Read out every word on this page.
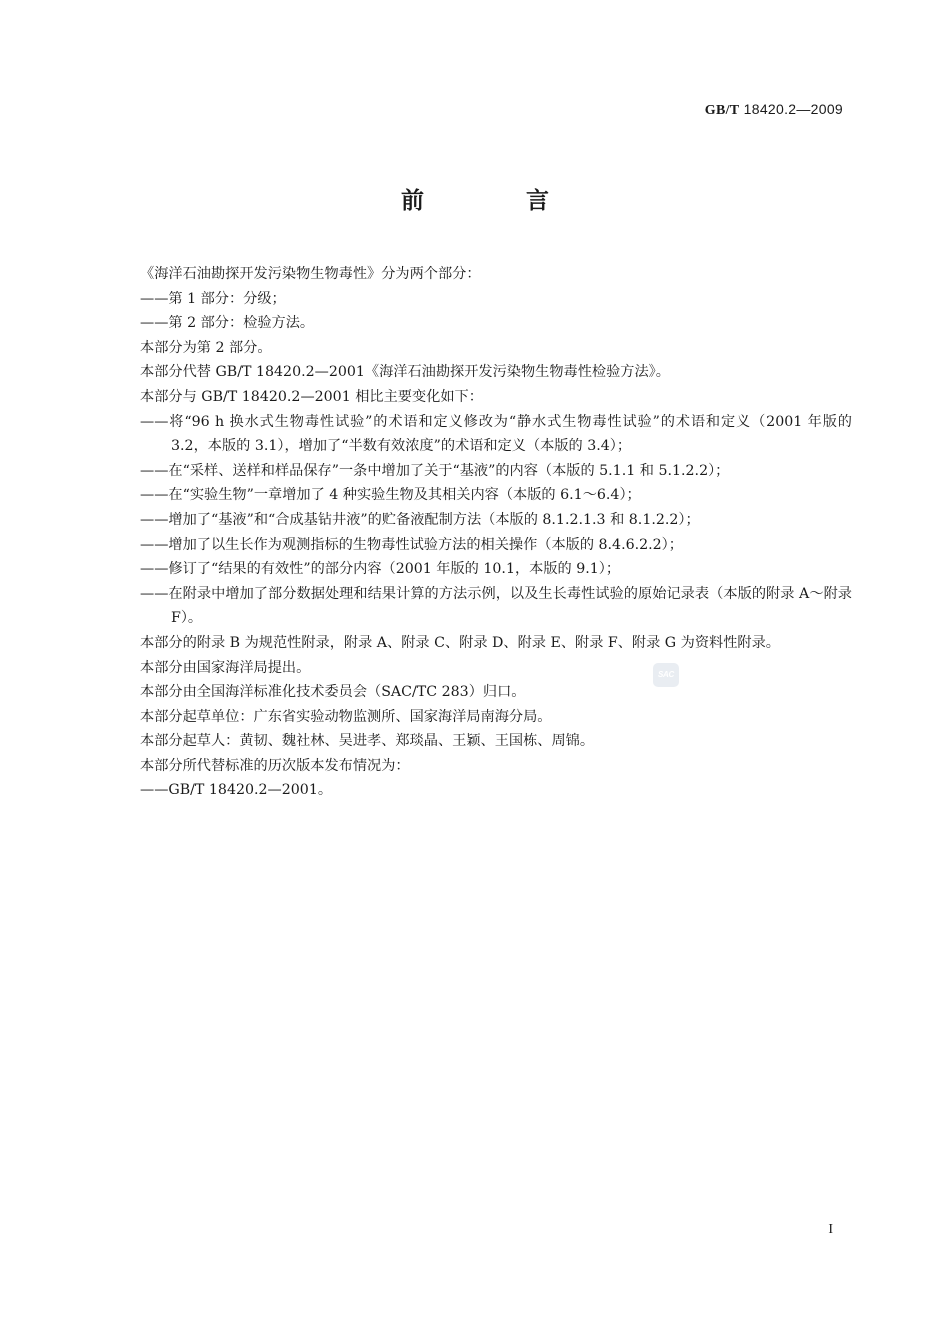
GB/T 18420.2—2009
前 言

《海洋石油勘探开发污染物生物毒性》分为两个部分：

——第 1 部分：分级；

——第 2 部分：检验方法。

本部分为第 2 部分。

本部分代替 GB/T 18420.2—2001《海洋石油勘探开发污染物生物毒性检验方法》。

本部分与 GB/T 18420.2—2001 相比主要变化如下：

——将“96 h 换水式生物毒性试验”的术语和定义修改为“静水式生物毒性试验”的术语和定义（2001 年版的 3.2，本版的 3.1），增加了“半数有效浓度”的术语和定义（本版的 3.4）；

——在“采样、送样和样品保存”一条中增加了关于“基液”的内容（本版的 5.1.1 和 5.1.2.2）；

——在“实验生物”一章增加了 4 种实验生物及其相关内容（本版的 6.1～6.4）；

——增加了“基液”和“合成基钻井液”的贮备液配制方法（本版的 8.1.2.1.3 和 8.1.2.2）；

——增加了以生长作为观测指标的生物毒性试验方法的相关操作（本版的 8.4.6.2.2）；

——修订了“结果的有效性”的部分内容（2001 年版的 10.1，本版的 9.1）；

——在附录中增加了部分数据处理和结果计算的方法示例，以及生长毒性试验的原始记录表（本版的附录 A～附录 F）。

本部分的附录 B 为规范性附录，附录 A、附录 C、附录 D、附录 E、附录 F、附录 G 为资料性附录。

本部分由国家海洋局提出。

本部分由全国海洋标准化技术委员会（SAC/TC 283）归口。

本部分起草单位：广东省实验动物监测所、国家海洋局南海分局。

本部分起草人：黄韧、魏社林、吴进孝、郑琰晶、王颖、王国栋、周锦。

本部分所代替标准的历次版本发布情况为：

——GB/T 18420.2—2001。

SAC
I
